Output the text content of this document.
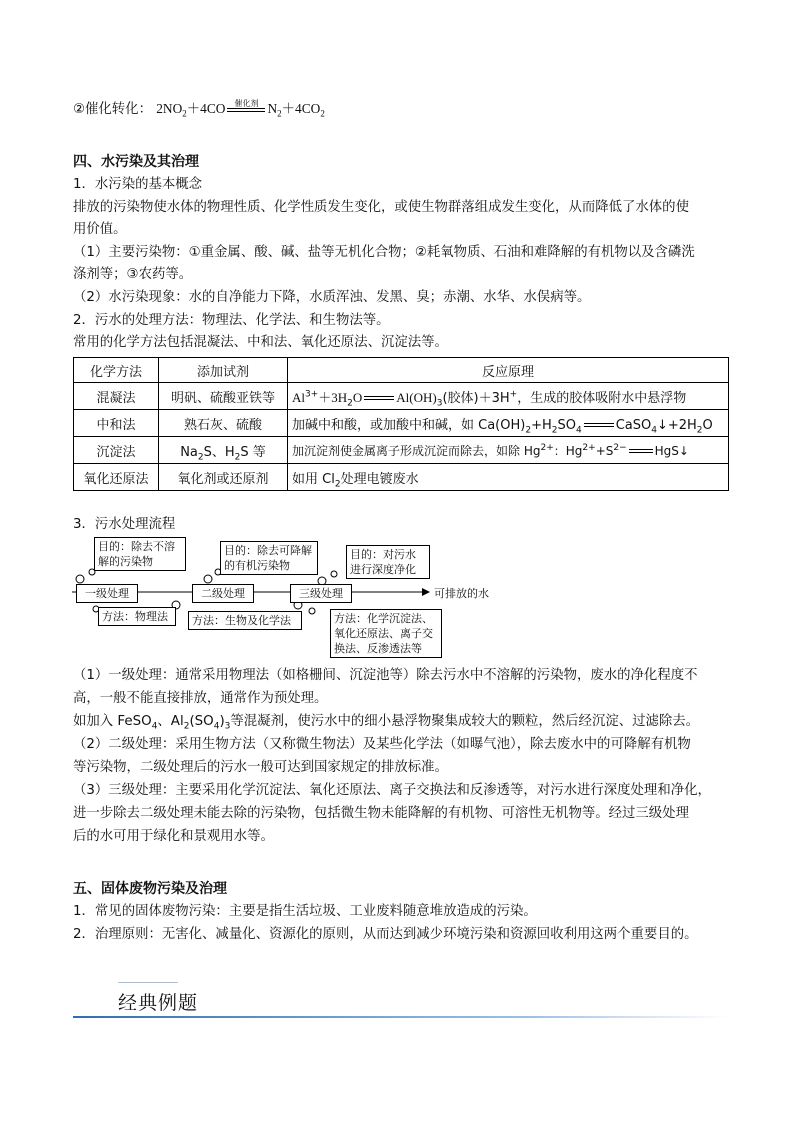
②催化转化： $2NO_2+4CO$	催化剂 $N_2+4CO_2$
四、水污染及其治理
1．水污染的基本概念
排放的污染物使水体的物理性质、化学性质发生变化，或使生物群落组成发生变化，从而降低了水体的使
用价值。
（1）主要污染物：①重金属、酸、碱、盐等无机化合物；②耗氧物质、石油和难降解的有机物以及含磷洗
涤剂等；③农药等。
（2）水污染现象：水的自净能力下降，水质浑浊、发黑、臭；赤潮、水华、水俣病等。
2．污水的处理方法：物理法、化学法、和生物法等。
常用的化学方法包括混凝法、中和法、氧化还原法、沉淀法等。
化学方法	添加试剂	反应原理
混凝法	明矾、硫酸亚铁等	$Al^{3+}+3H_2O$ $Al(OH)_3$(胶体)＋3H+，生成的胶体吸附水中悬浮物
中和法	熟石灰、硫酸	加碱中和酸，或加酸中和碱，如 $Ca(OH)_2+H_2SO_4$ $CaSO_4↓+2H_2O$
沉淀法	$Na_2S$、$H_2S$ 等	加沉淀剂使金属离子形成沉淀而除去，如除 $Hg^{2+}$：$Hg^{2+}+S^{2-}$ HgS↓
氧化还原法	氧化剂或还原剂	如用 $Cl_2$处理电镀废水
3．污水处理流程
目的：除去不溶解的污染物
目的：除去可降解的有机污染物
目的：对污水进行深度净化
一级处理	二级处理	三级处理	可排放的水
方法：物理法	方法：生物及化学法	方法：化学沉淀法、氧化还原法、离子交换法、反渗透法等
（1）一级处理：通常采用物理法（如格栅间、沉淀池等）除去污水中不溶解的污染物，废水的净化程度不
高，一般不能直接排放，通常作为预处理。
如加入 FeSO$_4$、$Al_2(SO_4)_3$等混凝剂，使污水中的细小悬浮物聚集成较大的颗粒，然后经沉淀、过滤除去。
（2）二级处理：采用生物方法（又称微生物法）及某些化学法（如曝气池），除去废水中的可降解有机物
等污染物，二级处理后的污水一般可达到国家规定的排放标准。
（3）三级处理：主要采用化学沉淀法、氧化还原法、离子交换法和反渗透等，对污水进行深度处理和净化，
进一步除去二级处理未能去除的污染物，包括微生物未能降解的有机物、可溶性无机物等。经过三级处理
后的水可用于绿化和景观用水等。
五、固体废物污染及治理
1．常见的固体废物污染：主要是指生活垃圾、工业废料随意堆放造成的污染。
2．治理原则：无害化、减量化、资源化的原则，从而达到减少环境污染和资源回收利用这两个重要目的。
经典例题
